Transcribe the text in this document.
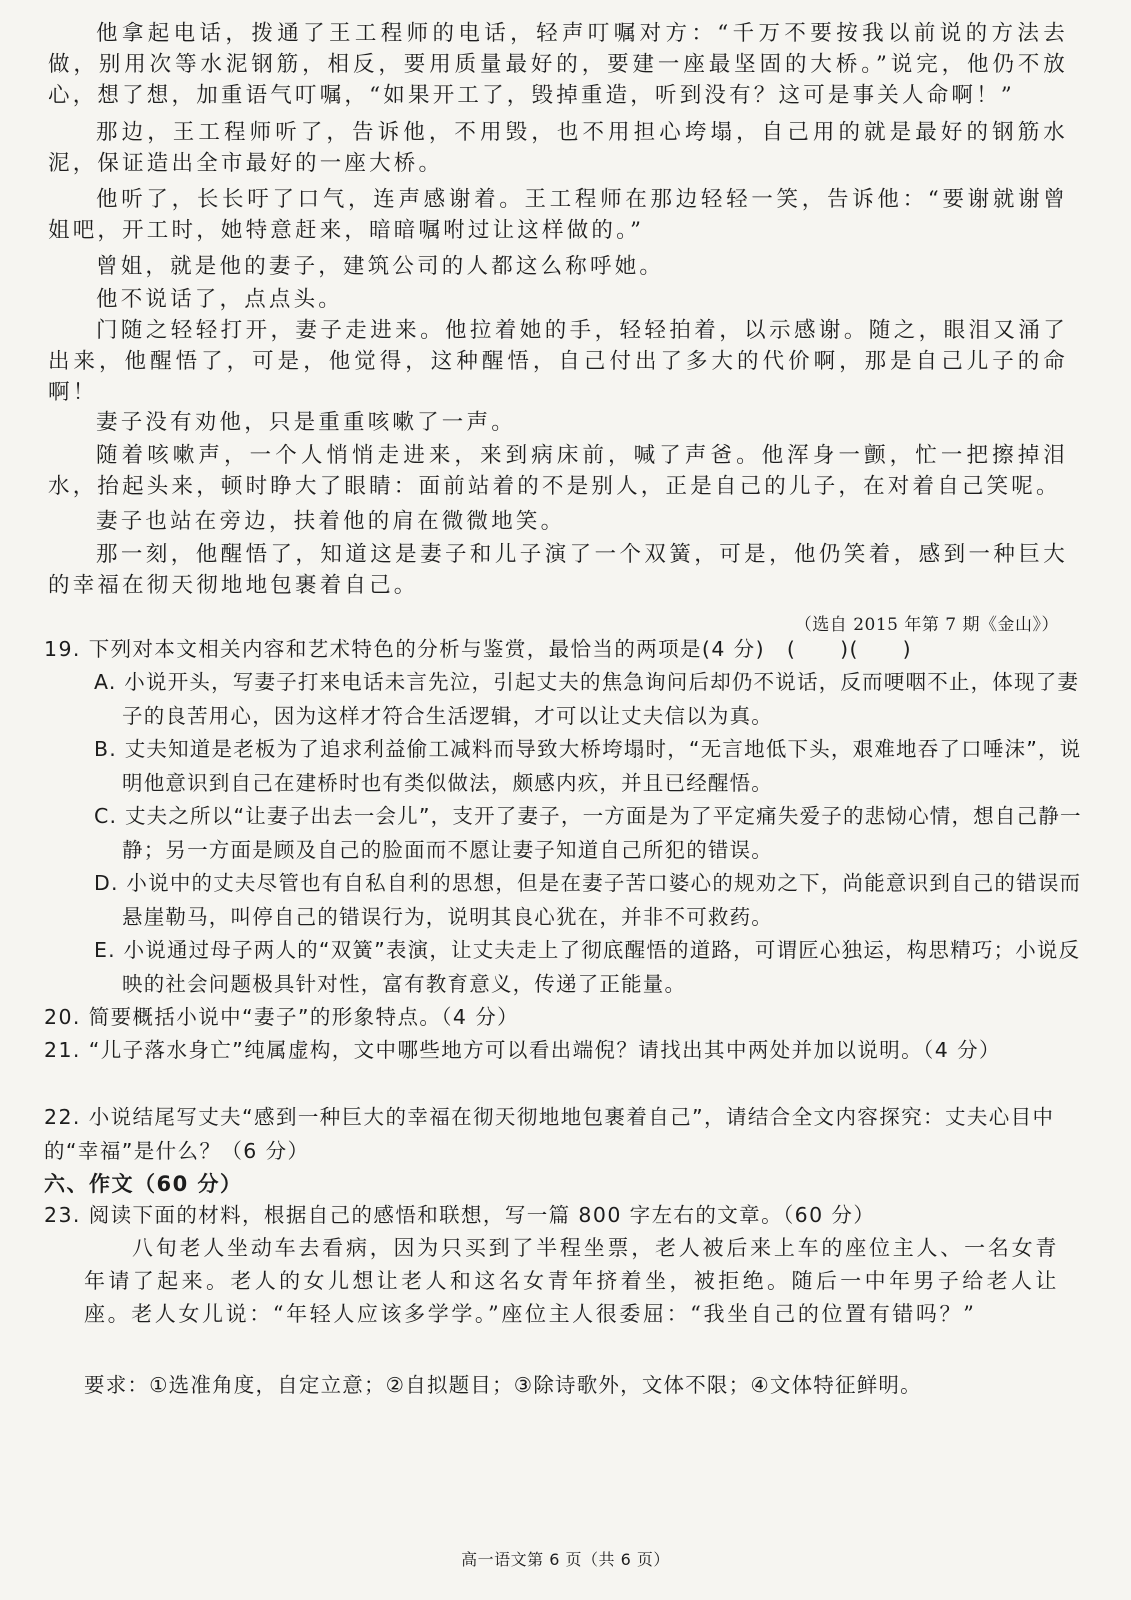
他拿起电话，拨通了王工程师的电话，轻声叮嘱对方：“千万不要按我以前说的方法去做，别用次等水泥钢筋，相反，要用质量最好的，要建一座最坚固的大桥。”说完，他仍不放心，想了想，加重语气叮嘱，“如果开工了，毁掉重造，听到没有？这可是事关人命啊！”

那边，王工程师听了，告诉他，不用毁，也不用担心垮塌，自己用的就是最好的钢筋水泥，保证造出全市最好的一座大桥。

他听了，长长吁了口气，连声感谢着。王工程师在那边轻轻一笑，告诉他：“要谢就谢曾姐吧，开工时，她特意赶来，暗暗嘱咐过让这样做的。”

曾姐，就是他的妻子，建筑公司的人都这么称呼她。

他不说话了，点点头。

门随之轻轻打开，妻子走进来。他拉着她的手，轻轻拍着，以示感谢。随之，眼泪又涌了出来，他醒悟了，可是，他觉得，这种醒悟，自己付出了多大的代价啊，那是自己儿子的命啊！

妻子没有劝他，只是重重咳嗽了一声。

随着咳嗽声，一个人悄悄走进来，来到病床前，喊了声爸。他浑身一颤，忙一把擦掉泪水，抬起头来，顿时睁大了眼睛：面前站着的不是别人，正是自己的儿子，在对着自己笑呢。

妻子也站在旁边，扶着他的肩在微微地笑。

那一刻，他醒悟了，知道这是妻子和儿子演了一个双簧，可是，他仍笑着，感到一种巨大的幸福在彻天彻地地包裹着自己。

（选自 2015 年第 7 期《金山》）

19. 下列对本文相关内容和艺术特色的分析与鉴赏，最恰当的两项是(4 分)　(　　)(　　)

A. 小说开头，写妻子打来电话未言先泣，引起丈夫的焦急询问后却仍不说话，反而哽咽不止，体现了妻子的良苦用心，因为这样才符合生活逻辑，才可以让丈夫信以为真。

B. 丈夫知道是老板为了追求利益偷工减料而导致大桥垮塌时，“无言地低下头，艰难地吞了口唾沫”，说明他意识到自己在建桥时也有类似做法，颇感内疚，并且已经醒悟。

C. 丈夫之所以“让妻子出去一会儿”，支开了妻子，一方面是为了平定痛失爱子的悲恸心情，想自己静一静；另一方面是顾及自己的脸面而不愿让妻子知道自己所犯的错误。

D. 小说中的丈夫尽管也有自私自利的思想，但是在妻子苦口婆心的规劝之下，尚能意识到自己的错误而悬崖勒马，叫停自己的错误行为，说明其良心犹在，并非不可救药。

E. 小说通过母子两人的“双簧”表演，让丈夫走上了彻底醒悟的道路，可谓匠心独运，构思精巧；小说反映的社会问题极具针对性，富有教育意义，传递了正能量。

20. 简要概括小说中“妻子”的形象特点。（4 分）

21. “儿子落水身亡”纯属虚构，文中哪些地方可以看出端倪？请找出其中两处并加以说明。（4 分）

22. 小说结尾写丈夫“感到一种巨大的幸福在彻天彻地地包裹着自己”，请结合全文内容探究：丈夫心目中的“幸福”是什么？（6 分）

六、作文（60 分）

23. 阅读下面的材料，根据自己的感悟和联想，写一篇 800 字左右的文章。（60 分）

八旬老人坐动车去看病，因为只买到了半程坐票，老人被后来上车的座位主人、一名女青年请了起来。老人的女儿想让老人和这名女青年挤着坐，被拒绝。随后一中年男子给老人让座。老人女儿说：“年轻人应该多学学。”座位主人很委屈：“我坐自己的位置有错吗？”

要求：①选准角度，自定立意；②自拟题目；③除诗歌外，文体不限；④文体特征鲜明。
高一语文第 6 页（共 6 页）
